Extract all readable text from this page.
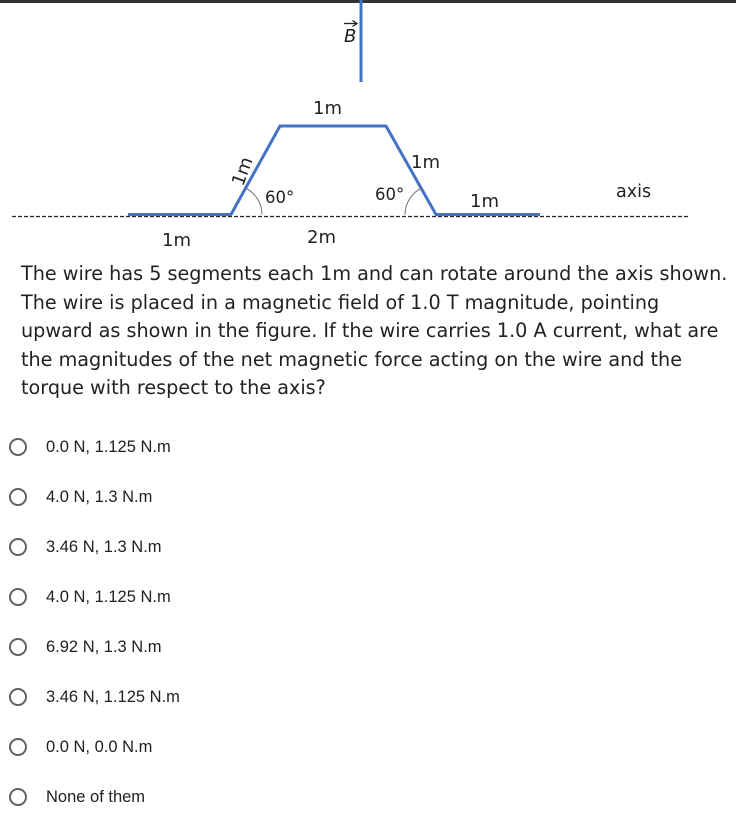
B
1m
1m	1m
60°	60°	1m	axis
1m	2m

The wire has 5 segments each 1m and can rotate around the axis shown. The wire is placed in a magnetic field of 1.0 T magnitude, pointing upward as shown in the figure. If the wire carries 1.0 A current, what are the magnitudes of the net magnetic force acting on the wire and the torque with respect to the axis?

0.0 N, 1.125 N.m
4.0 N, 1.3 N.m
3.46 N, 1.3 N.m
4.0 N, 1.125 N.m
6.92 N, 1.3 N.m
3.46 N, 1.125 N.m
0.0 N, 0.0 N.m
None of them
